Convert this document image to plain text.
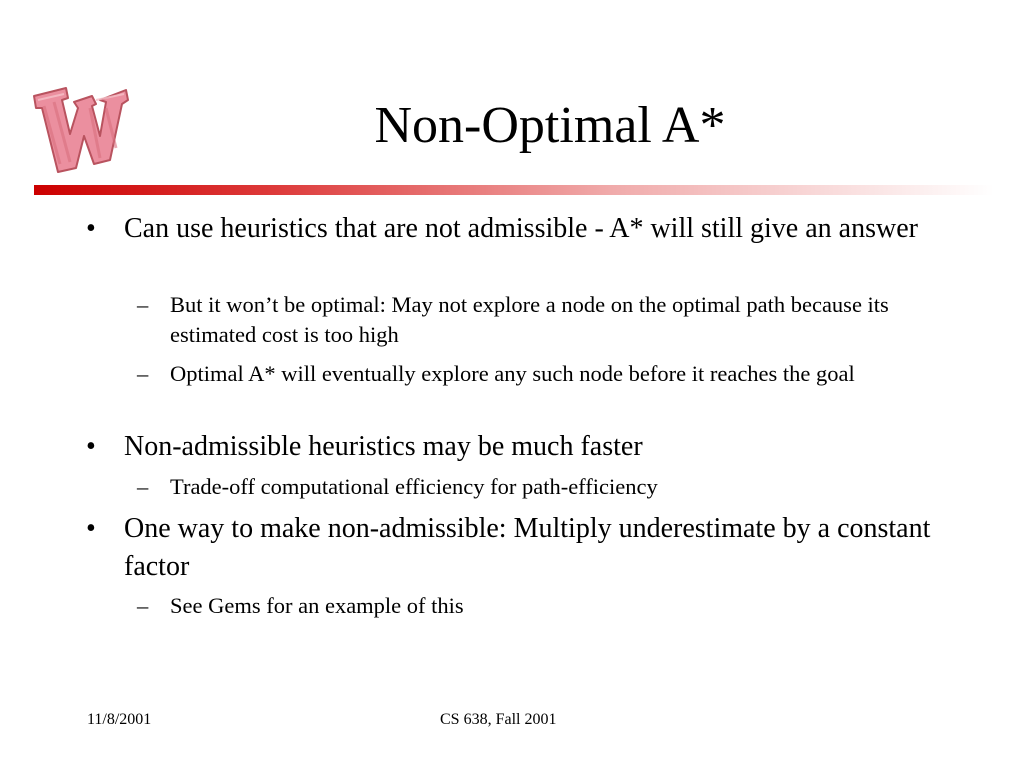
Non-Optimal A*
• Can use heuristics that are not admissible - A* will still give an answer
– But it won’t be optimal: May not explore a node on the optimal path because its estimated cost is too high
– Optimal A* will eventually explore any such node before it reaches the goal
• Non-admissible heuristics may be much faster
– Trade-off computational efficiency for path-efficiency
• One way to make non-admissible: Multiply underestimate by a constant factor
– See Gems for an example of this
11/8/2001	CS 638, Fall 2001
